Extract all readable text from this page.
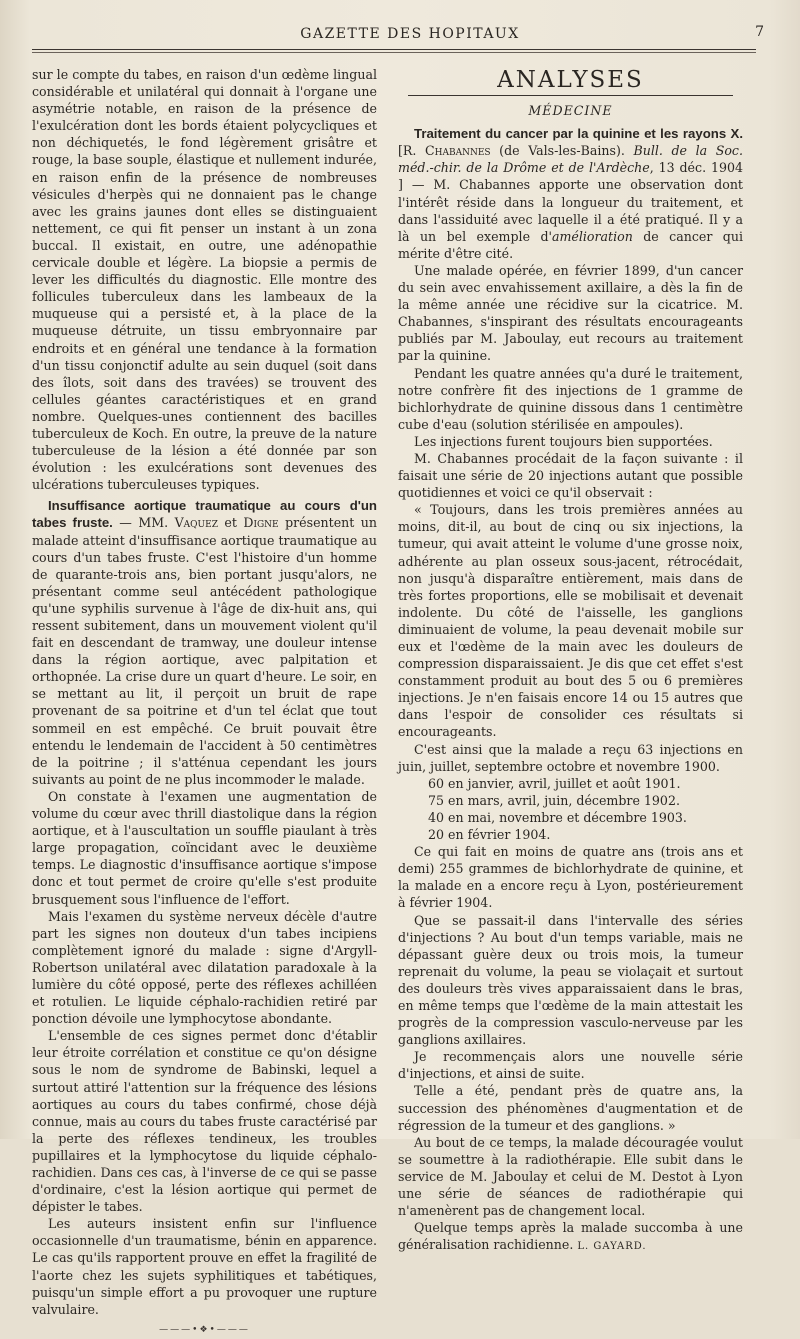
GAZETTE DES HOPITAUX	7

sur le compte du tabes, en raison d'un œdème lingual considérable et unilatéral qui donnait à l'organe une asymétrie notable, en raison de la présence de l'exulcération dont les bords étaient polycycliques et non déchiquetés, le fond légèrement grisâtre et rouge, la base souple, élastique et nullement indurée, en raison enfin de la présence de nombreuses vésicules d'herpès qui ne donnaient pas le change avec les grains jaunes dont elles se distinguaient nettement, ce qui fit penser un instant à un zona buccal. Il existait, en outre, une adénopathie cervicale double et légère. La biopsie a permis de lever les difficultés du diagnostic. Elle montre des follicules tuberculeux dans les lambeaux de la muqueuse qui a persisté et, à la place de la muqueuse détruite, un tissu embryonnaire par endroits et en général une tendance à la formation d'un tissu conjonctif adulte au sein duquel (soit dans des îlots, soit dans des travées) se trouvent des cellules géantes caractéristiques et en grand nombre. Quelques-unes contiennent des bacilles tuberculeux de Koch. En outre, la preuve de la nature tuberculeuse de la lésion a été donnée par son évolution : les exulcérations sont devenues des ulcérations tuberculeuses typiques.

Insuffisance aortique traumatique au cours d'un tabes fruste. — MM. Vaquez et Digne présentent un malade atteint d'insuffisance aortique traumatique au cours d'un tabes fruste. C'est l'histoire d'un homme de quarante-trois ans, bien portant jusqu'alors, ne présentant comme seul antécédent pathologique qu'une syphilis survenue à l'âge de dix-huit ans, qui ressent subitement, dans un mouvement violent qu'il fait en descendant de tramway, une douleur intense dans la région aortique, avec palpitation et orthopnée. La crise dure un quart d'heure. Le soir, en se mettant au lit, il perçoit un bruit de rape provenant de sa poitrine et d'un tel éclat que tout sommeil en est empêché. Ce bruit pouvait être entendu le lendemain de l'accident à 50 centimètres de la poitrine ; il s'atténua cependant les jours suivants au point de ne plus incommoder le malade.

On constate à l'examen une augmentation de volume du cœur avec thrill diastolique dans la région aortique, et à l'auscultation un souffle piaulant à très large propagation, coïncidant avec le deuxième temps. Le diagnostic d'insuffisance aortique s'impose donc et tout permet de croire qu'elle s'est produite brusquement sous l'influence de l'effort.

Mais l'examen du système nerveux décèle d'autre part les signes non douteux d'un tabes incipiens complètement ignoré du malade : signe d'Argyll-Robertson unilatéral avec dilatation paradoxale à la lumière du côté opposé, perte des réflexes achilléen et rotulien. Le liquide céphalo-rachidien retiré par ponction dévoile une lymphocytose abondante.

L'ensemble de ces signes permet donc d'établir leur étroite corrélation et constitue ce qu'on désigne sous le nom de syndrome de Babinski, lequel a surtout attiré l'attention sur la fréquence des lésions aortiques au cours du tabes confirmé, chose déjà connue, mais au cours du tabes fruste caractérisé par la perte des réflexes tendineux, les troubles pupillaires et la lymphocytose du liquide céphalo-rachidien. Dans ces cas, à l'inverse de ce qui se passe d'ordinaire, c'est la lésion aortique qui permet de dépister le tabes.

Les auteurs insistent enfin sur l'influence occasionnelle d'un traumatisme, bénin en apparence. Le cas qu'ils rapportent prouve en effet la fragilité de l'aorte chez les sujets syphilitiques et tabétiques, puisqu'un simple effort a pu provoquer une rupture valvulaire.

———•❖•———
ANALYSES
MÉDECINE

Traitement du cancer par la quinine et les rayons X. [R. Chabannes (de Vals-les-Bains). Bull. de la Soc. méd.-chir. de la Drôme et de l'Ardèche, 13 déc. 1904 ] — M. Chabannes apporte une observation dont l'intérêt réside dans la longueur du traitement, et dans l'assiduité avec laquelle il a été pratiqué. Il y a là un bel exemple d'amélioration de cancer qui mérite d'être cité.

Une malade opérée, en février 1899, d'un cancer du sein avec envahissement axillaire, a dès la fin de la même année une récidive sur la cicatrice. M. Chabannes, s'inspirant des résultats encourageants publiés par M. Jaboulay, eut recours au traitement par la quinine.

Pendant les quatre années qu'a duré le traitement, notre confrère fit des injections de 1 gramme de bichlorhydrate de quinine dissous dans 1 centimètre cube d'eau (solution stérilisée en ampoules).

Les injections furent toujours bien supportées.

M. Chabannes procédait de la façon suivante : il faisait une série de 20 injections autant que possible quotidiennes et voici ce qu'il observait :

« Toujours, dans les trois premières années au moins, dit-il, au bout de cinq ou six injections, la tumeur, qui avait atteint le volume d'une grosse noix, adhérente au plan osseux sous-jacent, rétrocédait, non jusqu'à disparaître entièrement, mais dans de très fortes proportions, elle se mobilisait et devenait indolente. Du côté de l'aisselle, les ganglions diminuaient de volume, la peau devenait mobile sur eux et l'œdème de la main avec les douleurs de compression disparaissaient. Je dis que cet effet s'est constamment produit au bout des 5 ou 6 premières injections. Je n'en faisais encore 14 ou 15 autres que dans l'espoir de consolider ces résultats si encourageants.

C'est ainsi que la malade a reçu 63 injections en juin, juillet, septembre octobre et novembre 1900.

60 en janvier, avril, juillet et août 1901.

75 en mars, avril, juin, décembre 1902.

40 en mai, novembre et décembre 1903.

20 en février 1904.

Ce qui fait en moins de quatre ans (trois ans et demi) 255 grammes de bichlorhydrate de quinine, et la malade en a encore reçu à Lyon, postérieurement à février 1904.

Que se passait-il dans l'intervalle des séries d'injections ? Au bout d'un temps variable, mais ne dépassant guère deux ou trois mois, la tumeur reprenait du volume, la peau se violaçait et surtout des douleurs très vives apparaissaient dans le bras, en même temps que l'œdème de la main attestait les progrès de la compression vasculo-nerveuse par les ganglions axillaires.

Je recommençais alors une nouvelle série d'injections, et ainsi de suite.

Telle a été, pendant près de quatre ans, la succession des phénomènes d'augmentation et de régression de la tumeur et des ganglions. »

Au bout de ce temps, la malade découragée voulut se soumettre à la radiothérapie. Elle subit dans le service de M. Jaboulay et celui de M. Destot à Lyon une série de séances de radiothérapie qui n'amenèrent pas de changement local.

Quelque temps après la malade succomba à une généralisation rachidienne. L. GAYARD.
